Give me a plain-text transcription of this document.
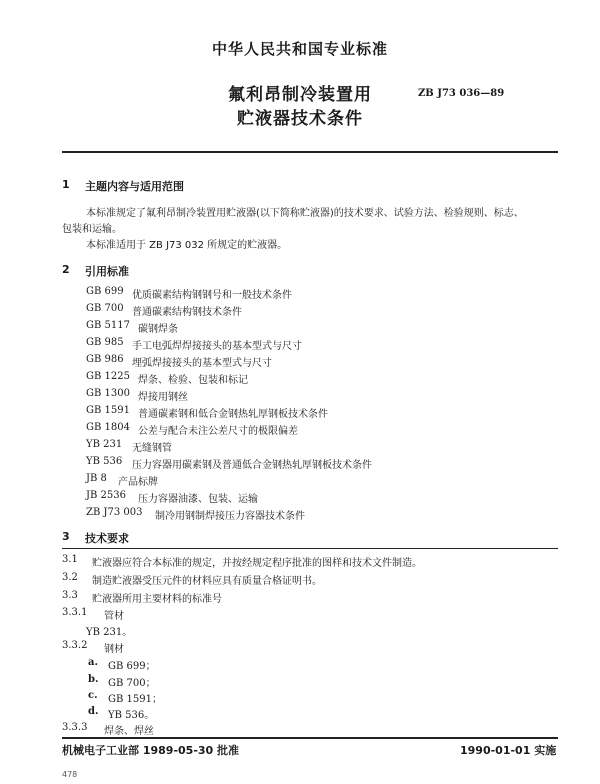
中华人民共和国专业标准
氟利昂制冷装置用
贮液器技术条件
ZB J73 036—89
1 主题内容与适用范围
本标准规定了氟利昂制冷装置用贮液器(以下简称贮液器)的技术要求、试验方法、检验规则、标志、
包装和运输。
本标准适用于 ZB J73 032 所规定的贮液器。
2 引用标准
GB 699 优质碳素结构钢钢号和一般技术条件
GB 700 普通碳素结构钢技术条件
GB 5117 碳钢焊条
GB 985 手工电弧焊焊接接头的基本型式与尺寸
GB 986 埋弧焊接接头的基本型式与尺寸
GB 1225 焊条、检验、包装和标记
GB 1300 焊接用钢丝
GB 1591 普通碳素钢和低合金钢热轧厚钢板技术条件
GB 1804 公差与配合未注公差尺寸的极限偏差
YB 231 无缝钢管
YB 536 压力容器用碳素钢及普通低合金钢热轧厚钢板技术条件
JB 8 产品标牌
JB 2536 压力容器油漆、包装、运输
ZB J73 003 制冷用钢制焊接压力容器技术条件
3 技术要求
3.1 贮液器应符合本标准的规定，并按经规定程序批准的图样和技术文件制造。
3.2 制造贮液器受压元件的材料应具有质量合格证明书。
3.3 贮液器所用主要材料的标准号
3.3.1 管材
YB 231。
3.3.2 钢材
a. GB 699；
b. GB 700；
c. GB 1591；
d. YB 536。
3.3.3 焊条、焊丝
机械电子工业部 1989-05-30 批准	1990-01-01 实施
478
